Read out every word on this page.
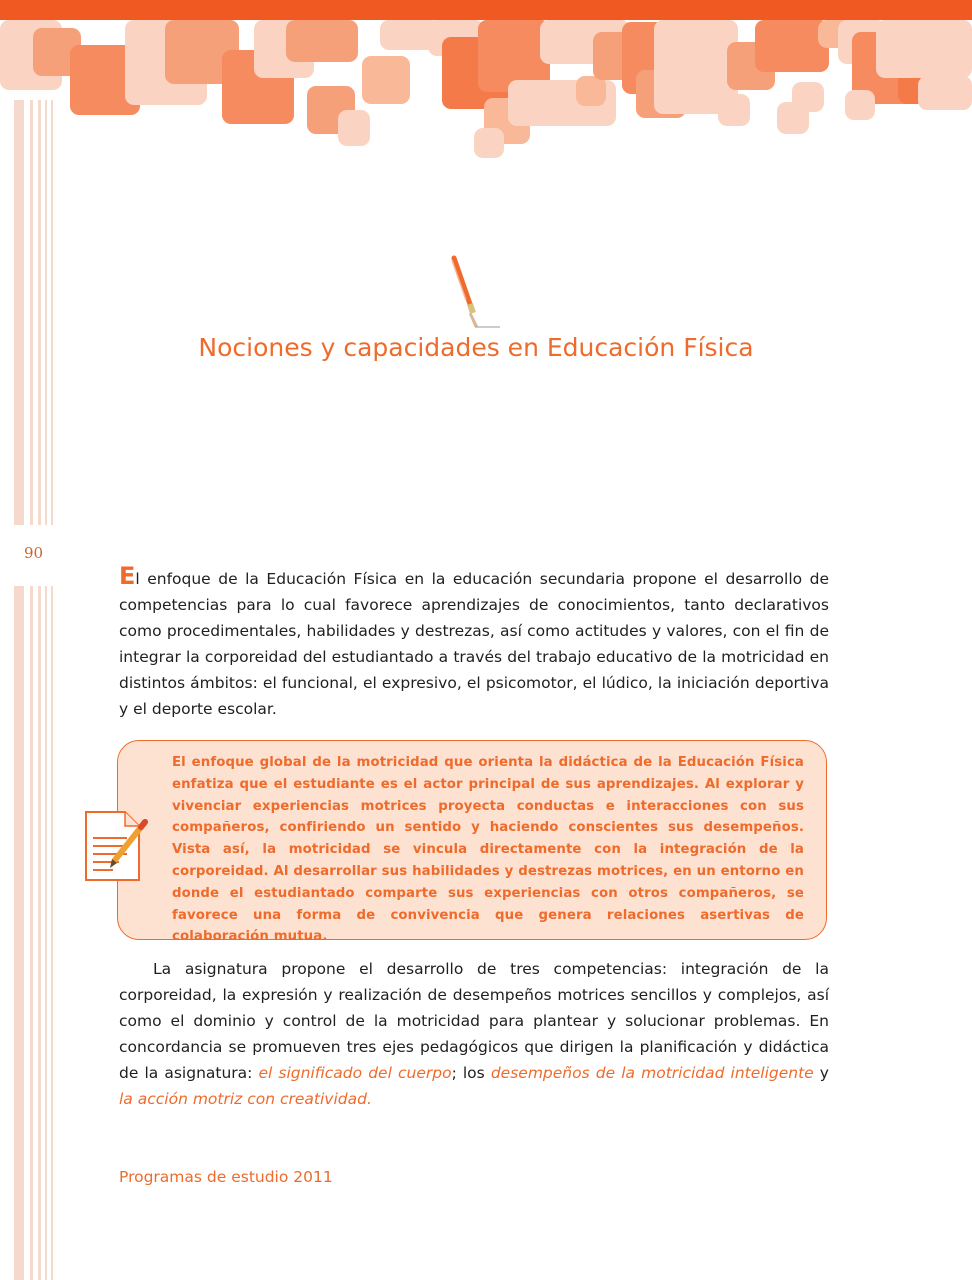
90
Nociones y capacidades en Educación Física
El enfoque de la Educación Física en la educación secundaria propone el desarrollo de competencias para lo cual favorece aprendizajes de conocimientos, tanto declarativos como procedimentales, habilidades y destrezas, así como actitudes y valores, con el fin de integrar la corporeidad del estudiantado a través del trabajo educativo de la motricidad en distintos ámbitos: el funcional, el expresivo, el psicomotor, el lúdico, la iniciación deportiva y el deporte escolar.
El enfoque global de la motricidad que orienta la didáctica de la Educación Física enfatiza que el estudiante es el actor principal de sus aprendizajes. Al explorar y vivenciar experiencias motrices proyecta conductas e interacciones con sus compañeros, confiriendo un sentido y haciendo conscientes sus desempeños. Vista así, la motricidad se vincula directamente con la integración de la corporeidad. Al desarrollar sus habilidades y destrezas motrices, en un entorno en donde el estudiantado comparte sus experiencias con otros compañeros, se favorece una forma de convivencia que genera relaciones asertivas de colaboración mutua.
La asignatura propone el desarrollo de tres competencias: integración de la corporeidad, la expresión y realización de desempeños motrices sencillos y complejos, así como el dominio y control de la motricidad para plantear y solucionar problemas. En concordancia se promueven tres ejes pedagógicos que dirigen la planificación y didáctica de la asignatura: el significado del cuerpo; los desempeños de la motricidad inteligente y la acción motriz con creatividad.
Programas de estudio 2011
